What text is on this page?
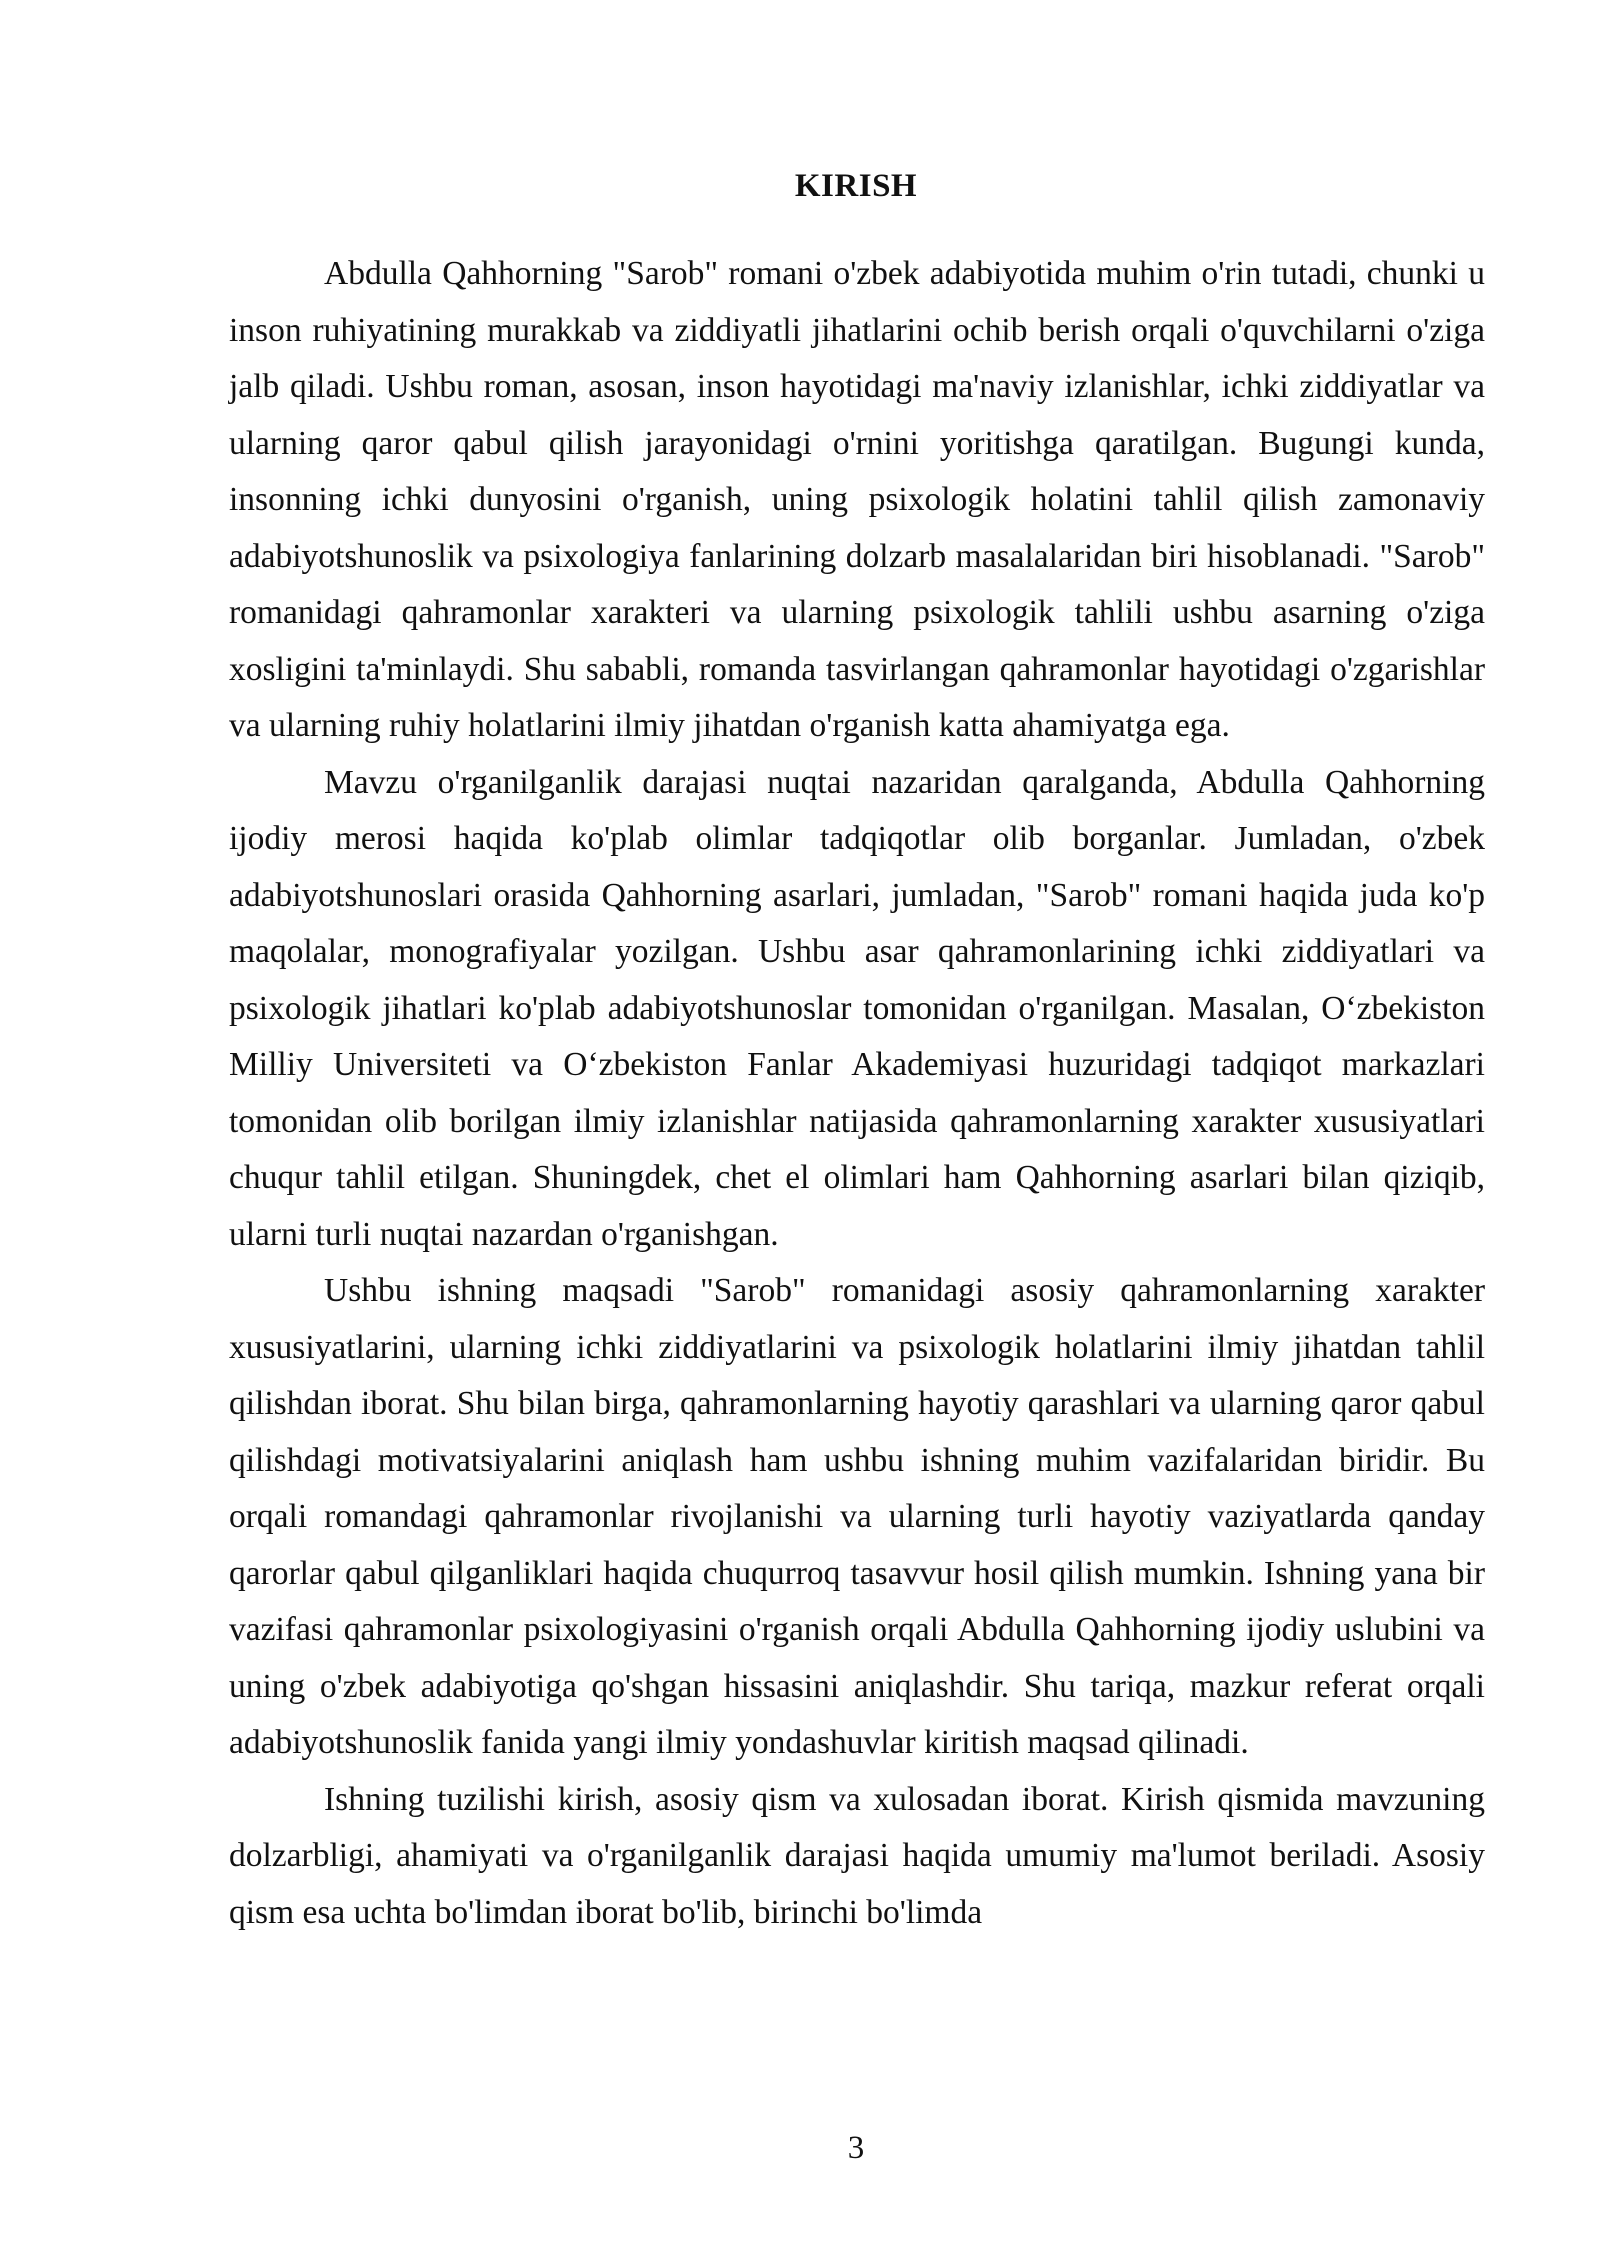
KIRISH

Abdulla Qahhorning "Sarob" romani o'zbek adabiyotida muhim o'rin tutadi, chunki u inson ruhiyatining murakkab va ziddiyatli jihatlarini ochib berish orqali o'quvchilarni o'ziga jalb qiladi. Ushbu roman, asosan, inson hayotidagi ma'naviy izlanishlar, ichki ziddiyatlar va ularning qaror qabul qilish jarayonidagi o'rnini yoritishga qaratilgan. Bugungi kunda, insonning ichki dunyosini o'rganish, uning psixologik holatini tahlil qilish zamonaviy adabiyotshunoslik va psixologiya fanlarining dolzarb masalalaridan biri hisoblanadi. "Sarob" romanidagi qahramonlar xarakteri va ularning psixologik tahlili ushbu asarning o'ziga xosligini ta'minlaydi. Shu sababli, romanda tasvirlangan qahramonlar hayotidagi o'zgarishlar va ularning ruhiy holatlarini ilmiy jihatdan o'rganish katta ahamiyatga ega.

Mavzu o'rganilganlik darajasi nuqtai nazaridan qaralganda, Abdulla Qahhorning ijodiy merosi haqida ko'plab olimlar tadqiqotlar olib borganlar. Jumladan, o'zbek adabiyotshunoslari orasida Qahhorning asarlari, jumladan, "Sarob" romani haqida juda ko'p maqolalar, monografiyalar yozilgan. Ushbu asar qahramonlarining ichki ziddiyatlari va psixologik jihatlari ko'plab adabiyotshunoslar tomonidan o'rganilgan. Masalan, O‘zbekiston Milliy Universiteti va O‘zbekiston Fanlar Akademiyasi huzuridagi tadqiqot markazlari tomonidan olib borilgan ilmiy izlanishlar natijasida qahramonlarning xarakter xususiyatlari chuqur tahlil etilgan. Shuningdek, chet el olimlari ham Qahhorning asarlari bilan qiziqib, ularni turli nuqtai nazardan o'rganishgan.

Ushbu ishning maqsadi "Sarob" romanidagi asosiy qahramonlarning xarakter xususiyatlarini, ularning ichki ziddiyatlarini va psixologik holatlarini ilmiy jihatdan tahlil qilishdan iborat. Shu bilan birga, qahramonlarning hayotiy qarashlari va ularning qaror qabul qilishdagi motivatsiyalarini aniqlash ham ushbu ishning muhim vazifalaridan biridir. Bu orqali romandagi qahramonlar rivojlanishi va ularning turli hayotiy vaziyatlarda qanday qarorlar qabul qilganliklari haqida chuqurroq tasavvur hosil qilish mumkin. Ishning yana bir vazifasi qahramonlar psixologiyasini o'rganish orqali Abdulla Qahhorning ijodiy uslubini va uning o'zbek adabiyotiga qo'shgan hissasini aniqlashdir. Shu tariqa, mazkur referat orqali adabiyotshunoslik fanida yangi ilmiy yondashuvlar kiritish maqsad qilinadi.

Ishning tuzilishi kirish, asosiy qism va xulosadan iborat. Kirish qismida mavzuning dolzarbligi, ahamiyati va o'rganilganlik darajasi haqida umumiy ma'lumot beriladi. Asosiy qism esa uchta bo'limdan iborat bo'lib, birinchi bo'limda

3
